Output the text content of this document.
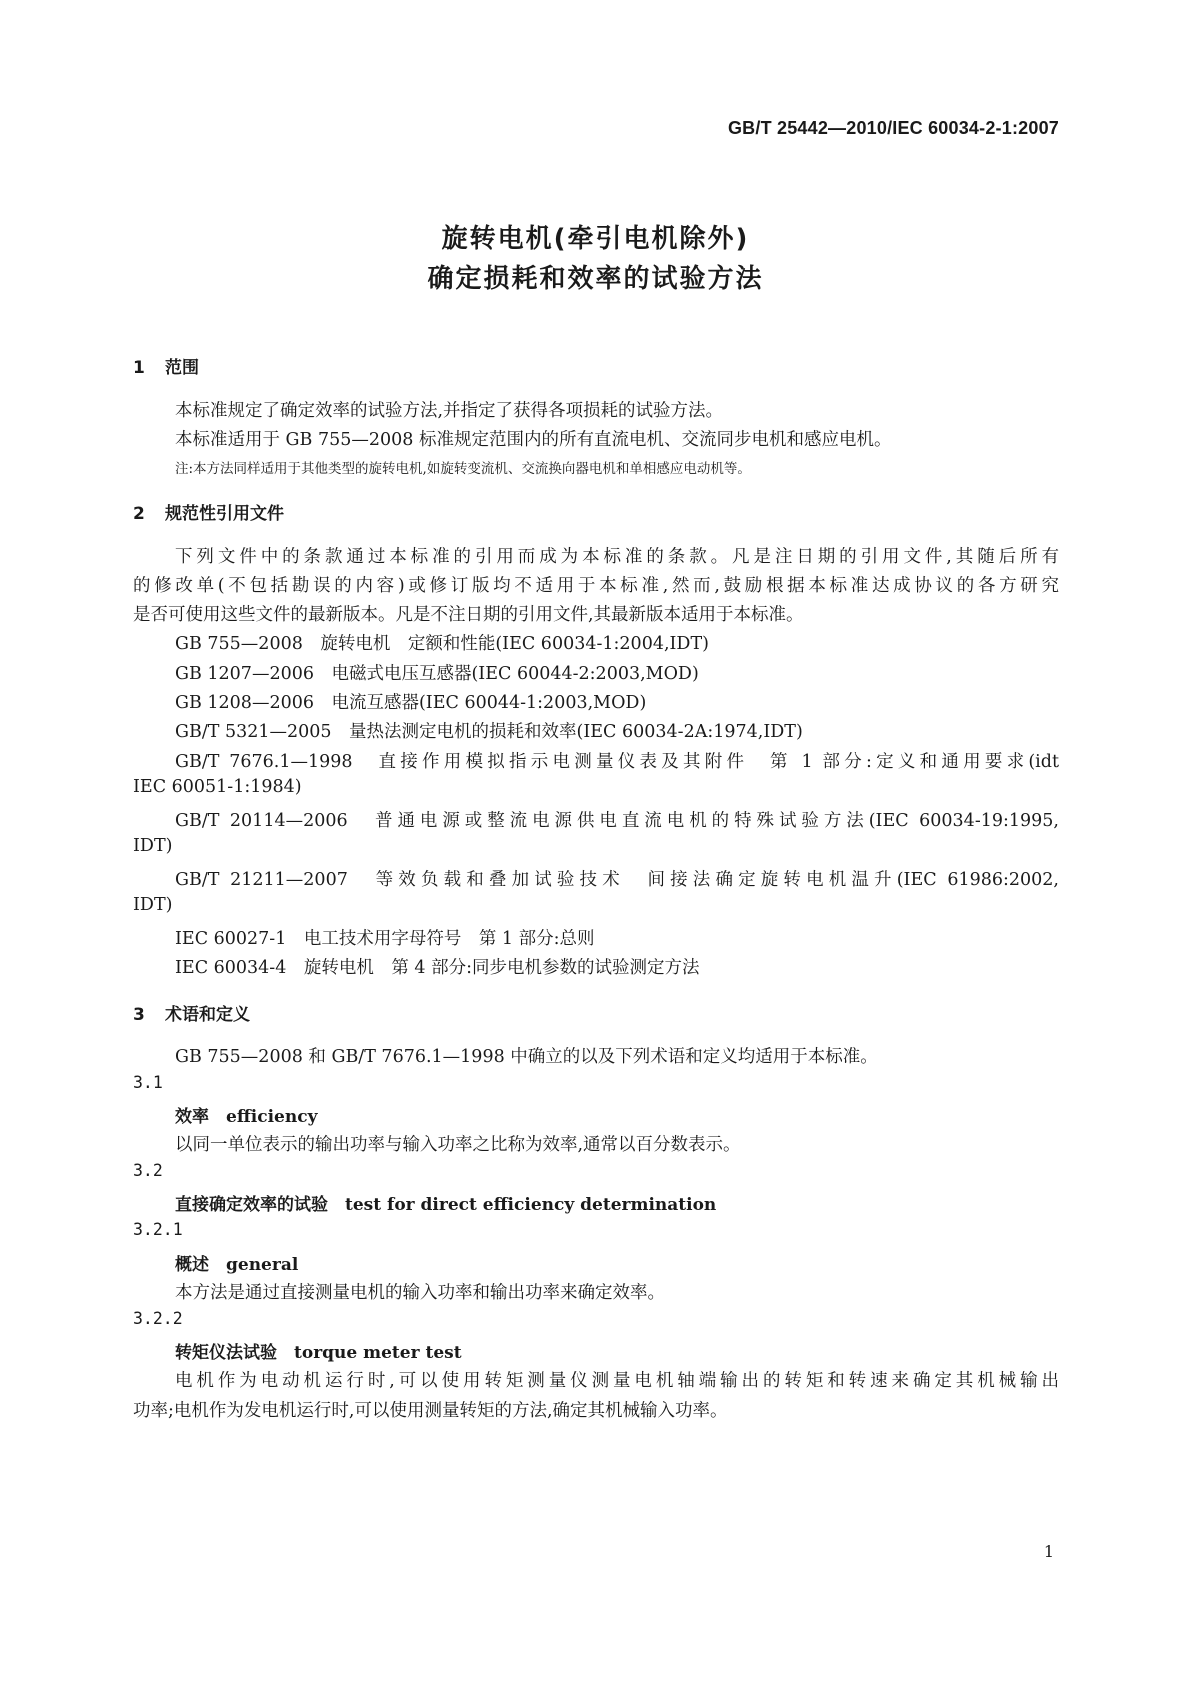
GB/T 25442—2010/IEC 60034-2-1:2007
旋转电机(牵引电机除外)
确定损耗和效率的试验方法
1 范围
本标准规定了确定效率的试验方法,并指定了获得各项损耗的试验方法。
本标准适用于 GB 755—2008 标准规定范围内的所有直流电机、交流同步电机和感应电机。
注:本方法同样适用于其他类型的旋转电机,如旋转变流机、交流换向器电机和单相感应电动机等。
2 规范性引用文件
下列文件中的条款通过本标准的引用而成为本标准的条款。凡是注日期的引用文件,其随后所有
的修改单(不包括勘误的内容)或修订版均不适用于本标准,然而,鼓励根据本标准达成协议的各方研究
是否可使用这些文件的最新版本。凡是不注日期的引用文件,其最新版本适用于本标准。
GB 755—2008　旋转电机　定额和性能(IEC 60034-1:2004,IDT)
GB 1207—2006　电磁式电压互感器(IEC 60044-2:2003,MOD)
GB 1208—2006　电流互感器(IEC 60044-1:2003,MOD)
GB/T 5321—2005　量热法测定电机的损耗和效率(IEC 60034-2A:1974,IDT)
GB/T 7676.1—1998　直接作用模拟指示电测量仪表及其附件　第 1 部分:定义和通用要求(idt
IEC 60051-1:1984)
GB/T 20114—2006　普通电源或整流电源供电直流电机的特殊试验方法(IEC 60034-19:1995,
IDT)
GB/T 21211—2007　等效负载和叠加试验技术　间接法确定旋转电机温升(IEC 61986:2002,
IDT)
IEC 60027-1　电工技术用字母符号　第 1 部分:总则
IEC 60034-4　旋转电机　第 4 部分:同步电机参数的试验测定方法
3 术语和定义
GB 755—2008 和 GB/T 7676.1—1998 中确立的以及下列术语和定义均适用于本标准。
3.1
效率　efficiency
以同一单位表示的输出功率与输入功率之比称为效率,通常以百分数表示。
3.2
直接确定效率的试验　test for direct efficiency determination
3.2.1
概述　general
本方法是通过直接测量电机的输入功率和输出功率来确定效率。
3.2.2
转矩仪法试验　torque meter test
电机作为电动机运行时,可以使用转矩测量仪测量电机轴端输出的转矩和转速来确定其机械输出
功率;电机作为发电机运行时,可以使用测量转矩的方法,确定其机械输入功率。
1
